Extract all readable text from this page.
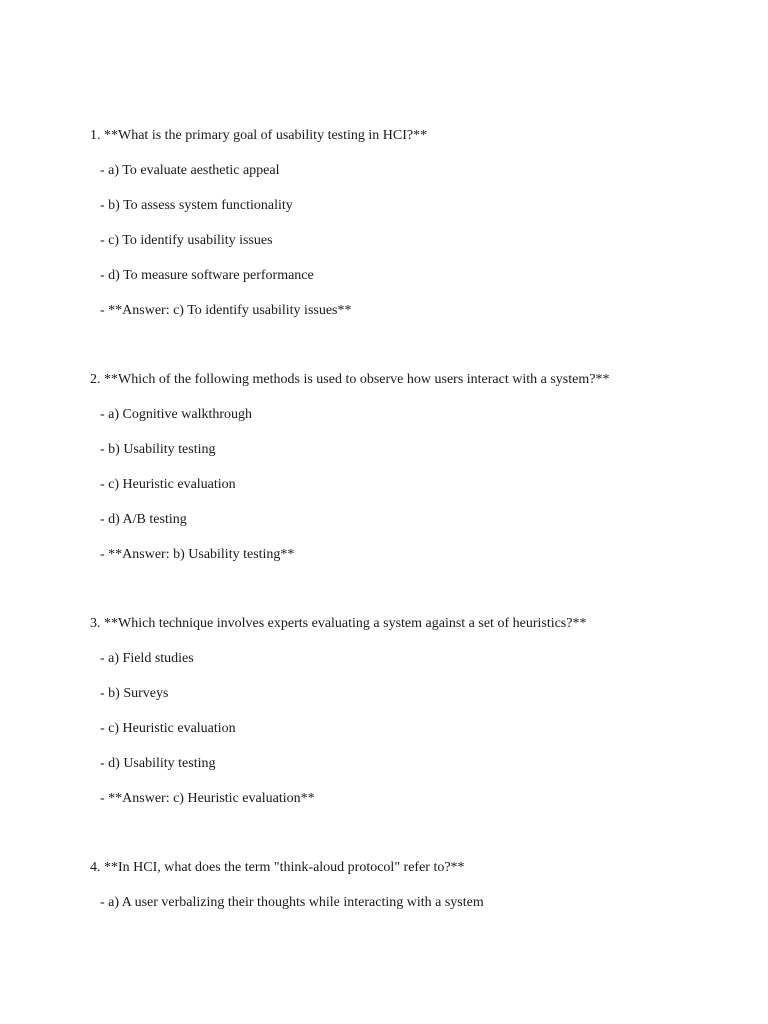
1. **What is the primary goal of usability testing in HCI?**
- a) To evaluate aesthetic appeal
- b) To assess system functionality
- c) To identify usability issues
- d) To measure software performance
- **Answer: c) To identify usability issues**
2. **Which of the following methods is used to observe how users interact with a system?**
- a) Cognitive walkthrough
- b) Usability testing
- c) Heuristic evaluation
- d) A/B testing
- **Answer: b) Usability testing**
3. **Which technique involves experts evaluating a system against a set of heuristics?**
- a) Field studies
- b) Surveys
- c) Heuristic evaluation
- d) Usability testing
- **Answer: c) Heuristic evaluation**
4. **In HCI, what does the term "think-aloud protocol" refer to?**
- a) A user verbalizing their thoughts while interacting with a system
